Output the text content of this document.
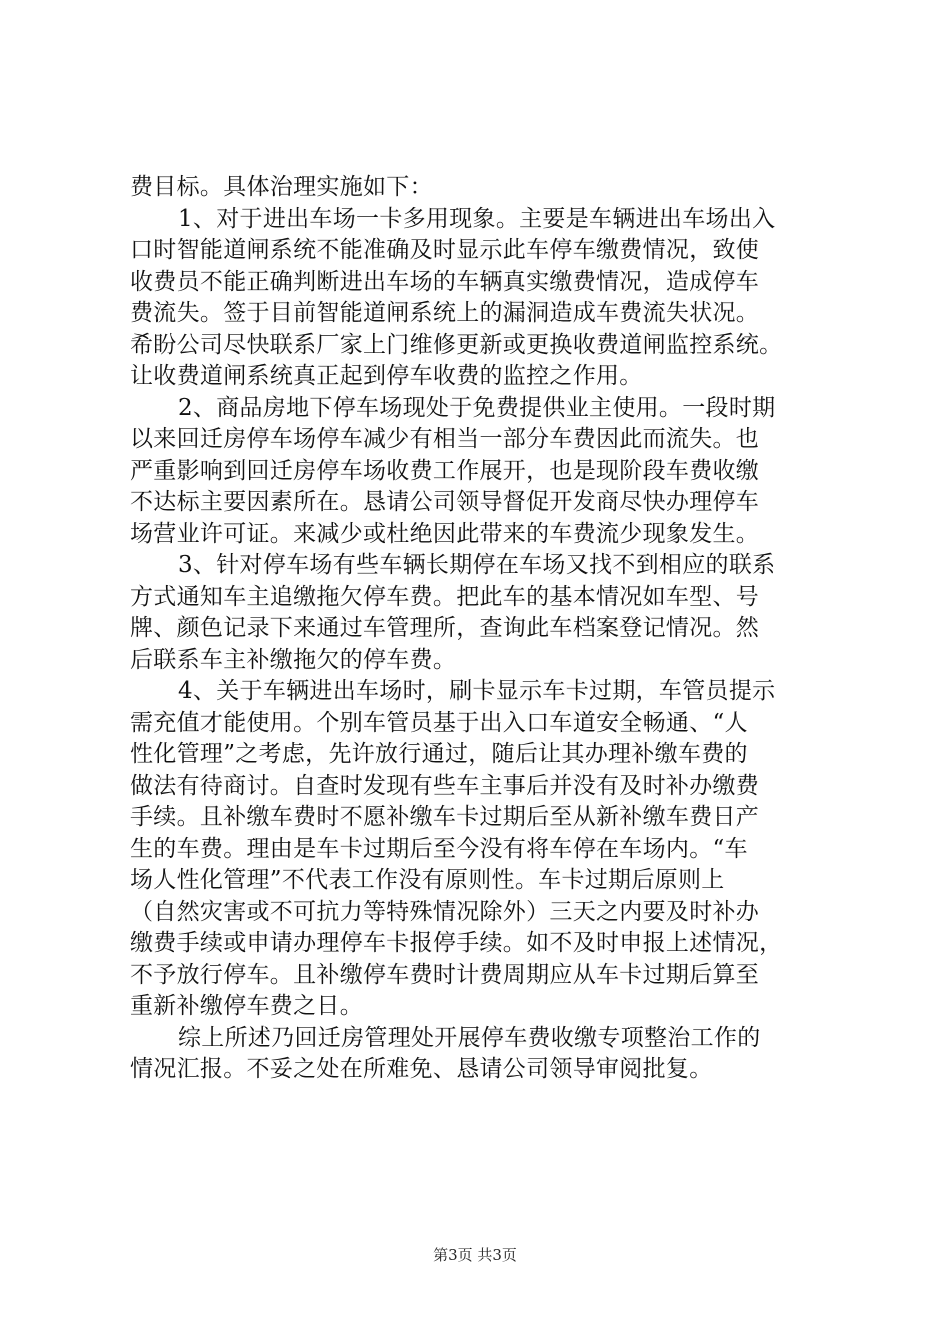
费目标。具体治理实施如下：
1、对于进出车场一卡多用现象。主要是车辆进出车场出入
口时智能道闸系统不能准确及时显示此车停车缴费情况，致使
收费员不能正确判断进出车场的车辆真实缴费情况，造成停车
费流失。签于目前智能道闸系统上的漏洞造成车费流失状况。
希盼公司尽快联系厂家上门维修更新或更换收费道闸监控系统。
让收费道闸系统真正起到停车收费的监控之作用。
2、商品房地下停车场现处于免费提供业主使用。一段时期
以来回迁房停车场停车减少有相当一部分车费因此而流失。也
严重影响到回迁房停车场收费工作展开，也是现阶段车费收缴
不达标主要因素所在。恳请公司领导督促开发商尽快办理停车
场营业许可证。来减少或杜绝因此带来的车费流少现象发生。
3、针对停车场有些车辆长期停在车场又找不到相应的联系
方式通知车主追缴拖欠停车费。把此车的基本情况如车型、号
牌、颜色记录下来通过车管理所，查询此车档案登记情况。然
后联系车主补缴拖欠的停车费。
4、关于车辆进出车场时，刷卡显示车卡过期，车管员提示
需充值才能使用。个别车管员基于出入口车道安全畅通、“人
性化管理”之考虑，先许放行通过，随后让其办理补缴车费的
做法有待商讨。自查时发现有些车主事后并没有及时补办缴费
手续。且补缴车费时不愿补缴车卡过期后至从新补缴车费日产
生的车费。理由是车卡过期后至今没有将车停在车场内。“车
场人性化管理”不代表工作没有原则性。车卡过期后原则上
（自然灾害或不可抗力等特殊情况除外）三天之内要及时补办
缴费手续或申请办理停车卡报停手续。如不及时申报上述情况，
不予放行停车。且补缴停车费时计费周期应从车卡过期后算至
重新补缴停车费之日。
综上所述乃回迁房管理处开展停车费收缴专项整治工作的
情况汇报。不妥之处在所难免、恳请公司领导审阅批复。
第3页 共3页
